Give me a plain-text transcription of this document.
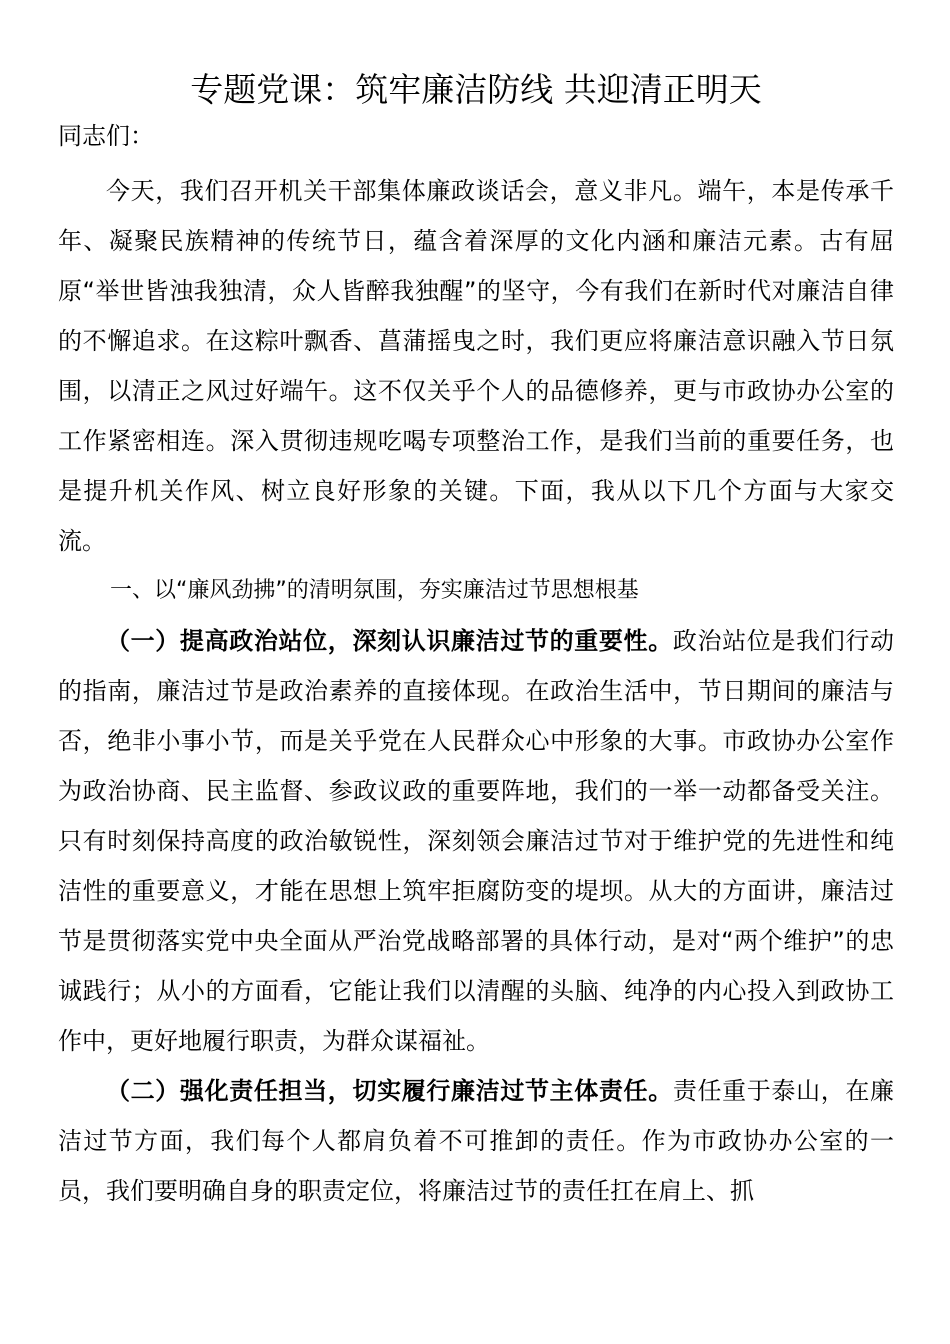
专题党课：筑牢廉洁防线 共迎清正明天

同志们：

今天，我们召开机关干部集体廉政谈话会，意义非凡。端午，本是传承千年、凝聚民族精神的传统节日，蕴含着深厚的文化内涵和廉洁元素。古有屈原“举世皆浊我独清，众人皆醉我独醒”的坚守，今有我们在新时代对廉洁自律的不懈追求。在这粽叶飘香、菖蒲摇曳之时，我们更应将廉洁意识融入节日氛围，以清正之风过好端午。这不仅关乎个人的品德修养，更与市政协办公室的工作紧密相连。深入贯彻违规吃喝专项整治工作，是我们当前的重要任务，也是提升机关作风、树立良好形象的关键。下面，我从以下几个方面与大家交流。

一、以“廉风劲拂”的清明氛围，夯实廉洁过节思想根基

（一）提高政治站位，深刻认识廉洁过节的重要性。政治站位是我们行动的指南，廉洁过节是政治素养的直接体现。在政治生活中，节日期间的廉洁与否，绝非小事小节，而是关乎党在人民群众心中形象的大事。市政协办公室作为政治协商、民主监督、参政议政的重要阵地，我们的一举一动都备受关注。只有时刻保持高度的政治敏锐性，深刻领会廉洁过节对于维护党的先进性和纯洁性的重要意义，才能在思想上筑牢拒腐防变的堤坝。从大的方面讲，廉洁过节是贯彻落实党中央全面从严治党战略部署的具体行动，是对“两个维护”的忠诚践行；从小的方面看，它能让我们以清醒的头脑、纯净的内心投入到政协工作中，更好地履行职责，为群众谋福祉。

（二）强化责任担当，切实履行廉洁过节主体责任。责任重于泰山，在廉洁过节方面，我们每个人都肩负着不可推卸的责任。作为市政协办公室的一员，我们要明确自身的职责定位，将廉洁过节的责任扛在肩上、抓
